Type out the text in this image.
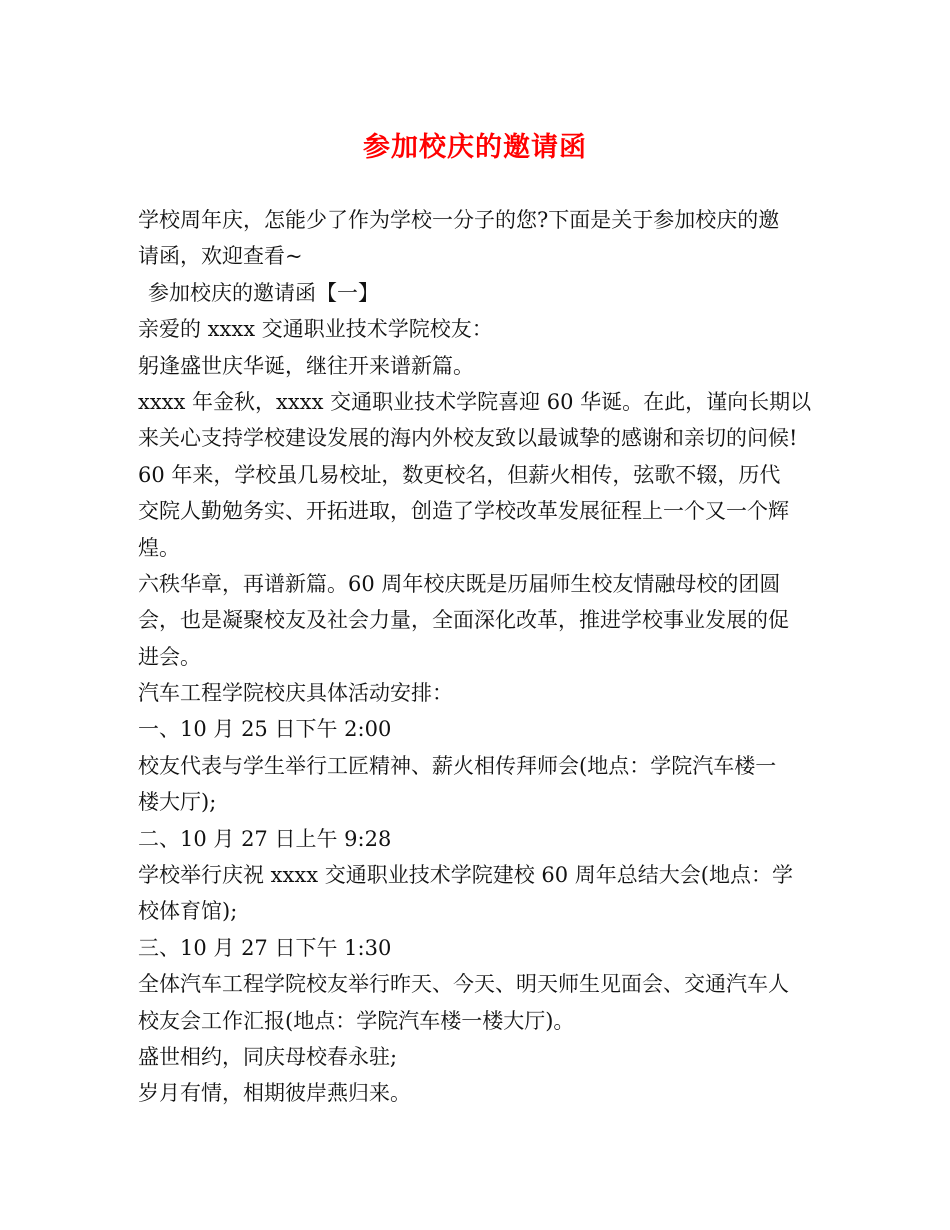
参加校庆的邀请函
学校周年庆，怎能少了作为学校一分子的您?下面是关于参加校庆的邀
请函，欢迎查看~
参加校庆的邀请函【一】
亲爱的 xxxx 交通职业技术学院校友：
躬逢盛世庆华诞，继往开来谱新篇。
xxxx 年金秋，xxxx 交通职业技术学院喜迎 60 华诞。在此，谨向长期以
来关心支持学校建设发展的海内外校友致以最诚挚的感谢和亲切的问候!
60 年来，学校虽几易校址，数更校名，但薪火相传，弦歌不辍，历代
交院人勤勉务实、开拓进取，创造了学校改革发展征程上一个又一个辉
煌。
六秩华章，再谱新篇。60 周年校庆既是历届师生校友情融母校的团圆
会，也是凝聚校友及社会力量，全面深化改革，推进学校事业发展的促
进会。
汽车工程学院校庆具体活动安排：
一、10 月 25 日下午 2:00
校友代表与学生举行工匠精神、薪火相传拜师会(地点：学院汽车楼一
楼大厅);
二、10 月 27 日上午 9:28
学校举行庆祝 xxxx 交通职业技术学院建校 60 周年总结大会(地点：学
校体育馆);
三、10 月 27 日下午 1:30
全体汽车工程学院校友举行昨天、今天、明天师生见面会、交通汽车人
校友会工作汇报(地点：学院汽车楼一楼大厅)。
盛世相约，同庆母校春永驻;
岁月有情，相期彼岸燕归来。
